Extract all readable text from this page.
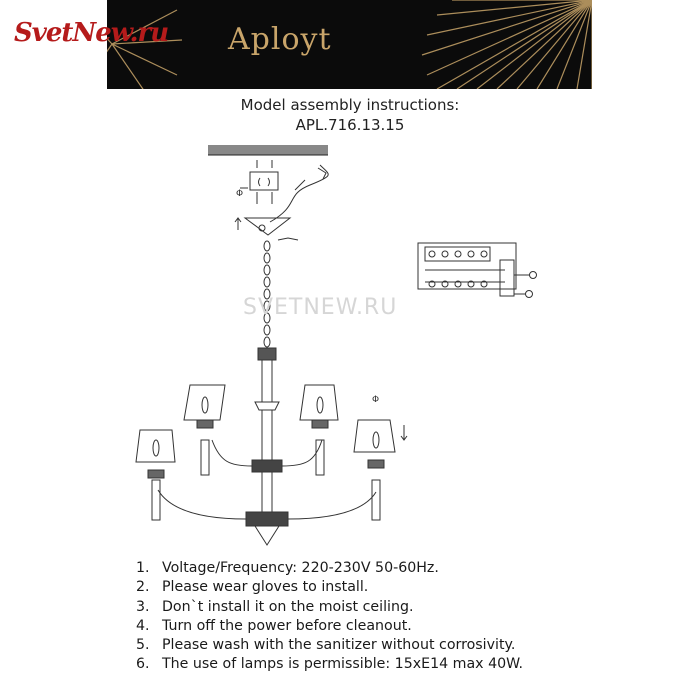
Aployt
SvetNew.ru
Model assembly instructions:
APL.716.13.15
Φ
Φ
SVETNEW.RU
1. Voltage/Frequency: 220-230V 50-60Hz.
2. Please wear gloves to install.
3. Don`t install it on the moist ceiling.
4. Turn off the power before cleanout.
5. Please wash with the sanitizer without corrosivity.
6. The use of lamps is permissible: 15xE14 max 40W.
